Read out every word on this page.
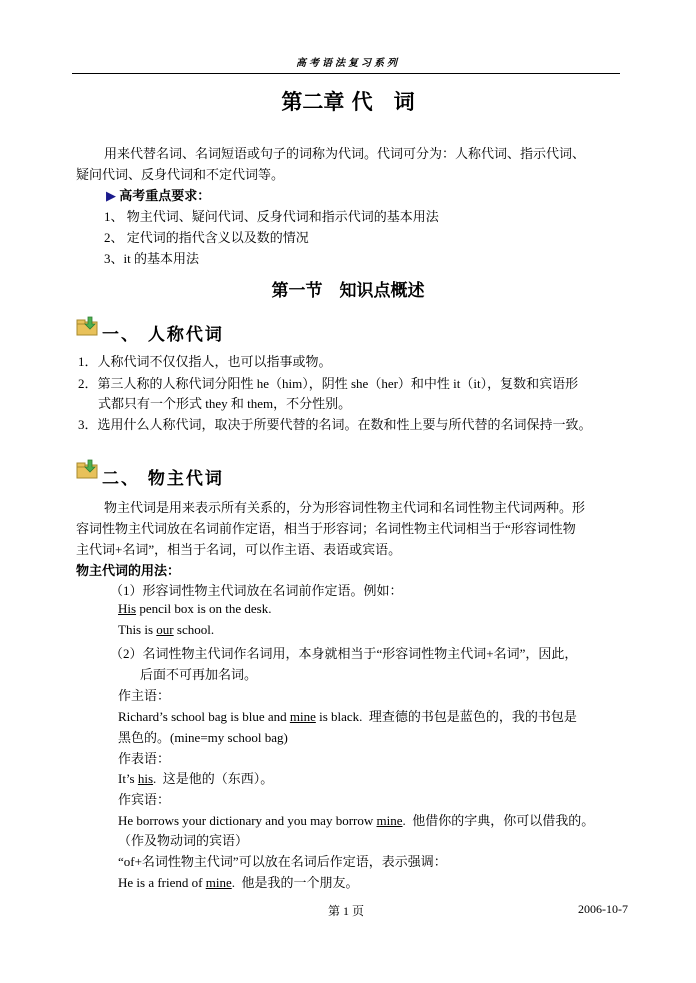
高考语法复习系列
第二章 代　词
用来代替名词、名词短语或句子的词称为代词。代词可分为：人称代词、指示代词、
疑问代词、反身代词和不定代词等。
▶ 高考重点要求：
1、 物主代词、疑问代词、反身代词和指示代词的基本用法
2、 定代词的指代含义以及数的情况
3、it 的基本用法
第一节　知识点概述
一、 人称代词
1．人称代词不仅仅指人，也可以指事或物。
2．第三人称的人称代词分阳性 he（him），阴性 she（her）和中性 it（it），复数和宾语形
式都只有一个形式 they 和 them，不分性别。
3．选用什么人称代词，取决于所要代替的名词。在数和性上要与所代替的名词保持一致。
二、 物主代词
物主代词是用来表示所有关系的，分为形容词性物主代词和名词性物主代词两种。形
容词性物主代词放在名词前作定语，相当于形容词；名词性物主代词相当于“形容词性物
主代词+名词”，相当于名词，可以作主语、表语或宾语。
物主代词的用法：
（1）形容词性物主代词放在名词前作定语。例如：
His pencil box is on the desk.
This is our school.
（2）名词性物主代词作名词用，本身就相当于“形容词性物主代词+名词”，因此，
后面不可再加名词。
作主语：
Richard’s school bag is blue and mine is black.  理查德的书包是蓝色的，我的书包是
黑色的。(mine=my school bag)
作表语：
It’s his.  这是他的（东西）。
作宾语：
He borrows your dictionary and you may borrow mine.  他借你的字典，你可以借我的。
（作及物动词的宾语）
“of+名词性物主代词”可以放在名词后作定语，表示强调：
He is a friend of mine.  他是我的一个朋友。
第 1 页	2006-10-7
